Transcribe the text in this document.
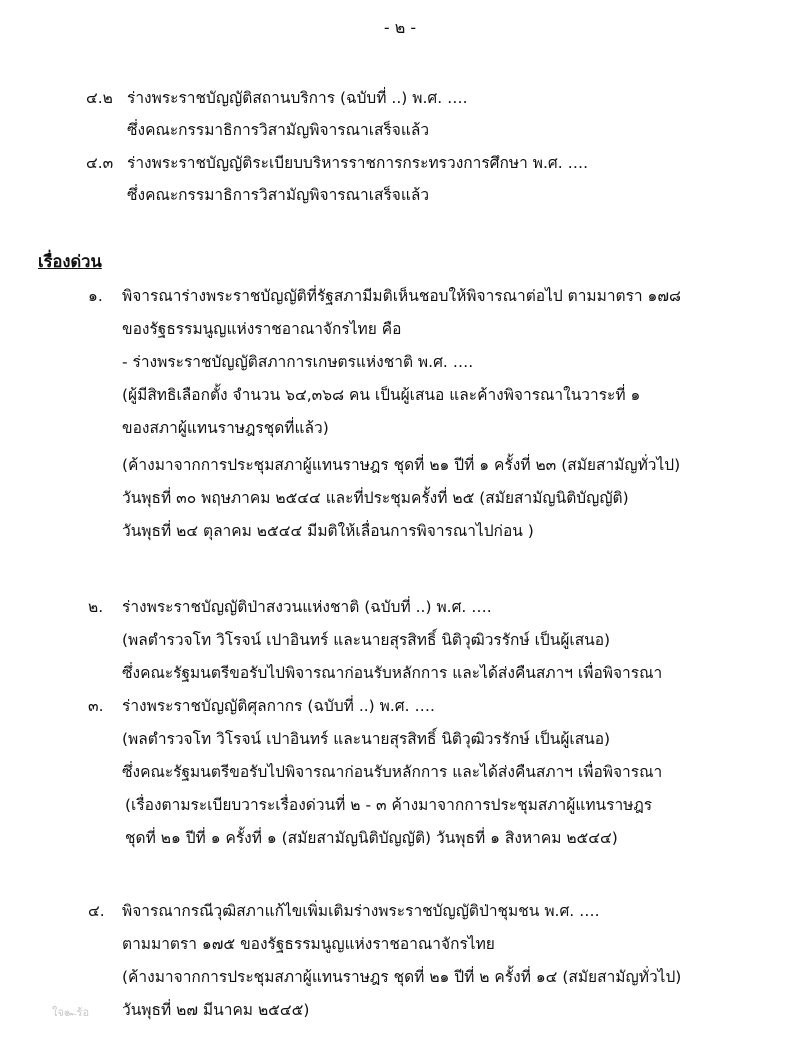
- ๒ -
๔.๒ ร่างพระราชบัญญัติสถานบริการ (ฉบับที่ ..) พ.ศ. ….
ซึ่งคณะกรรมาธิการวิสามัญพิจารณาเสร็จแล้ว
๔.๓ ร่างพระราชบัญญัติระเบียบบริหารราชการกระทรวงการศึกษา พ.ศ. ….
ซึ่งคณะกรรมาธิการวิสามัญพิจารณาเสร็จแล้ว
เรื่องด่วน
๑. พิจารณาร่างพระราชบัญญัติที่รัฐสภามีมติเห็นชอบให้พิจารณาต่อไป ตามมาตรา ๑๗๘
ของรัฐธรรมนูญแห่งราชอาณาจักรไทย คือ
- ร่างพระราชบัญญัติสภาการเกษตรแห่งชาติ พ.ศ. ….
(ผู้มีสิทธิเลือกตั้ง จำนวน ๖๔,๓๖๘ คน เป็นผู้เสนอ และค้างพิจารณาในวาระที่ ๑
ของสภาผู้แทนราษฎรชุดที่แล้ว)
(ค้างมาจากการประชุมสภาผู้แทนราษฎร ชุดที่ ๒๑ ปีที่ ๑ ครั้งที่ ๒๓ (สมัยสามัญทั่วไป)
วันพุธที่ ๓๐ พฤษภาคม ๒๕๔๔ และที่ประชุมครั้งที่ ๒๕ (สมัยสามัญนิติบัญญัติ)
วันพุธที่ ๒๔ ตุลาคม ๒๕๔๔ มีมติให้เลื่อนการพิจารณาไปก่อน )
๒. ร่างพระราชบัญญัติป่าสงวนแห่งชาติ (ฉบับที่ ..) พ.ศ. ….
(พลตำรวจโท วิโรจน์ เปาอินทร์ และนายสุรสิทธิ์ นิติวุฒิวรรักษ์ เป็นผู้เสนอ)
ซึ่งคณะรัฐมนตรีขอรับไปพิจารณาก่อนรับหลักการ และได้ส่งคืนสภาฯ เพื่อพิจารณา
๓. ร่างพระราชบัญญัติศุลกากร (ฉบับที่ ..) พ.ศ. ….
(พลตำรวจโท วิโรจน์ เปาอินทร์ และนายสุรสิทธิ์ นิติวุฒิวรรักษ์ เป็นผู้เสนอ)
ซึ่งคณะรัฐมนตรีขอรับไปพิจารณาก่อนรับหลักการ และได้ส่งคืนสภาฯ เพื่อพิจารณา
(เรื่องตามระเบียบวาระเรื่องด่วนที่ ๒ - ๓ ค้างมาจากการประชุมสภาผู้แทนราษฎร
ชุดที่ ๒๑ ปีที่ ๑ ครั้งที่ ๑ (สมัยสามัญนิติบัญญัติ) วันพุธที่ ๑ สิงหาคม ๒๕๔๔)
๔. พิจารณากรณีวุฒิสภาแก้ไขเพิ่มเติมร่างพระราชบัญญัติป่าชุมชน พ.ศ. ….
ตามมาตรา ๑๗๕ ของรัฐธรรมนูญแห่งราชอาณาจักรไทย
(ค้างมาจากการประชุมสภาผู้แทนราษฎร ชุดที่ ๒๑ ปีที่ ๒ ครั้งที่ ๑๔ (สมัยสามัญทั่วไป)
วันพุธที่ ๒๗ มีนาคม ๒๕๔๕)
ใจ๛ร้อ
